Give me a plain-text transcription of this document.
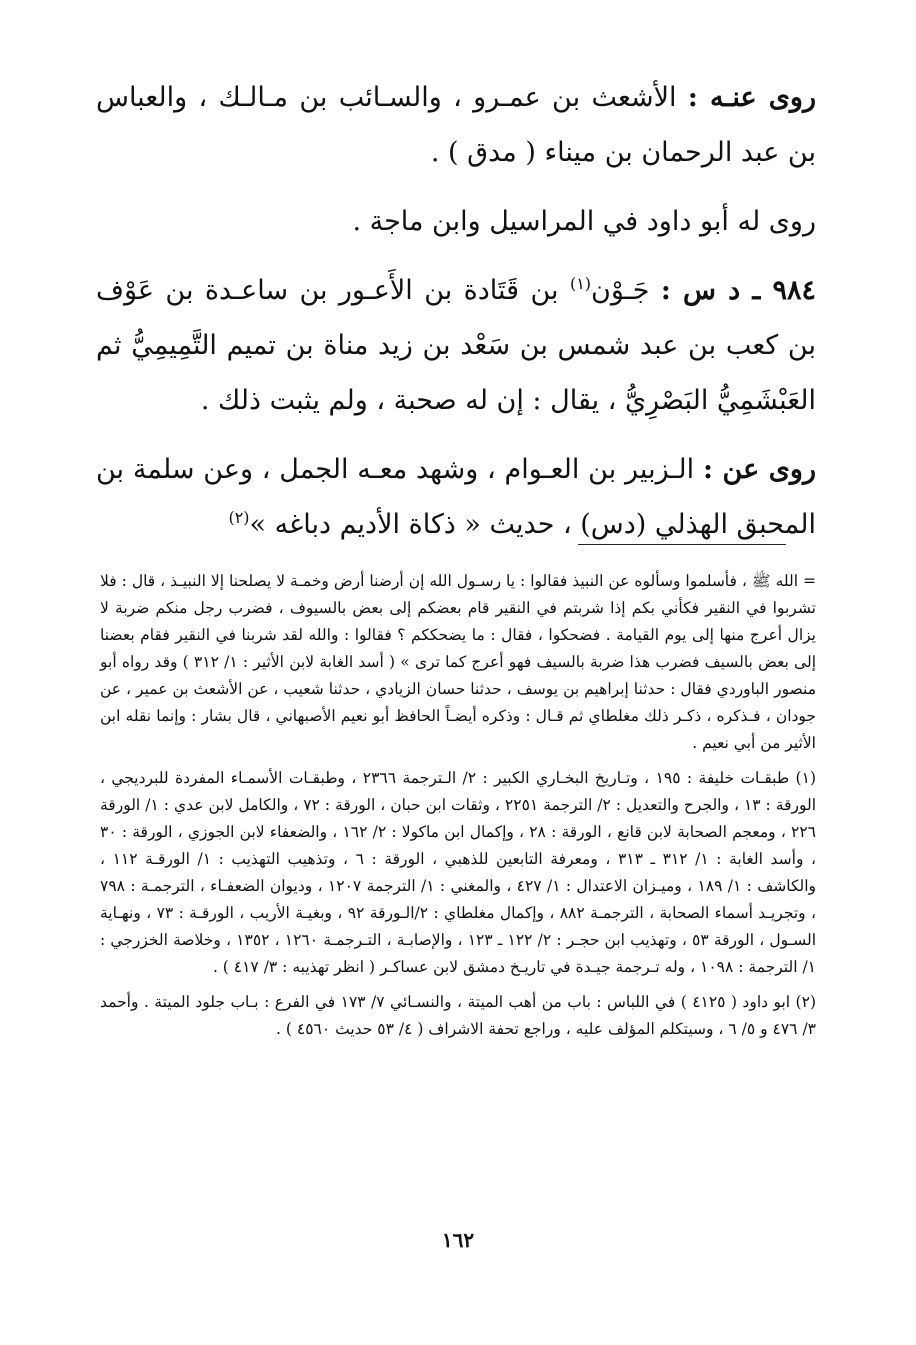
روى عنـه : الأشعث بن عمـرو ، والسـائب بن مـالـك ، والعباس بن عبد الرحمان بن ميناء ( مدق ) .

روى له أبو داود في المراسيل وابن ماجة .

٩٨٤ ـ د س : جَـوْن$^{(١)}$ بن قَتَادة بن الأَعـور بن ساعـدة بن عَوْف بن كعب بن عبد شمس بن سَعْد بن زيد مناة بن تميم التَّمِيمِيُّ ثم العَبْشَمِيُّ البَصْرِيُّ ، يقال : إن له صحبة ، ولم يثبت ذلك .

روى عن : الـزبير بن العـوام ، وشهد معـه الجمل ، وعن سلمة بن المحبق الهذلي (دس) ، حديث « ذكاة الأديم دباغه »$^{(٢)}$

= الله ﷺ ، فأسلموا وسألوه عن النبيذ فقالوا : يا رسـول الله إن أرضنا أرض وخمـة لا يصلحنا إلا النبيـذ ، قال : فلا تشربوا في النقير فكأني بكم إذا شربتم في النقير قام بعضكم إلى بعض بالسيوف ، فضرب رجل منكم ضربة لا يزال أعرج منها إلى يوم القيامة . فضحكوا ، فقال : ما يضحككم ؟ فقالوا : والله لقد شربنا في النقير فقام بعضنا إلى بعض بالسيف فضرب هذا ضربة بالسيف فهو أعرج كما ترى » ( أسد الغابة لابن الأثير : ١/ ٣١٢ ) وقد رواه أبو منصور الباوردي فقال : حدثنا إبراهيم بن يوسف ، حدثنا حسان الزيادي ، حدثنا شعيب ، عن الأشعث بن عمير ، عن جودان ، فـذكره ، ذكـر ذلك مغلطاي ثم قـال : وذكره أيضـاً الحافظ أبو نعيم الأصبهاني ، قال بشار : وإنما نقله ابن الأثير من أبي نعيم .

(١) طبقـات خليفة : ١٩٥ ، وتـاريخ البخـاري الكبير : ٢/ الـترجمة ٢٣٦٦ ، وطبقـات الأسمـاء المفردة للبرديجي ، الورقة : ١٣ ، والجرح والتعديل : ٢/ الترجمة ٢٢٥١ ، وثقات ابن حبان ، الورقة : ٧٢ ، والكامل لابن عدي : ١/ الورقة ٢٢٦ ، ومعجم الصحابة لابن قانع ، الورقة : ٢٨ ، وإكمال ابن ماكولا : ٢/ ١٦٢ ، والضعفاء لابن الجوزي ، الورقة : ٣٠ ، وأسد الغابة : ١/ ٣١٢ ـ ٣١٣ ، ومعرفة التابعين للذهبي ، الورقة : ٦ ، وتذهيب التهذيب : ١/ الورقـة ١١٢ ، والكاشف : ١/ ١٨٩ ، وميـزان الاعتدال : ١/ ٤٢٧ ، والمغني : ١/ الترجمة ١٢٠٧ ، وديوان الضعفـاء ، الترجمـة : ٧٩٨ ، وتجريـد أسماء الصحابة ، الترجمـة ٨٨٢ ، وإكمال مغلطاي : ٢/الـورقة ٩٢ ، وبغيـة الأريب ، الورقـة : ٧٣ ، ونهـاية السـول ، الورقة ٥٣ ، وتهذيب ابن حجـر : ٢/ ١٢٢ ـ ١٢٣ ، والإصابـة ، التـرجمـة ١٢٦٠ ، ١٣٥٢ ، وخلاصة الخزرجي : ١/ الترجمة : ١٠٩٨ ، وله تـرجمة جيـدة في تاريـخ دمشق لابن عساكـر ( انظر تهذيبه : ٣/ ٤١٧ ) .

(٢) ابو داود ( ٤١٢٥ ) في اللباس : باب من أهب الميتة ، والنسـائي ٧/ ١٧٣ في الفرع : بـاب جلود الميتة . وأحمد ٣/ ٤٧٦ و ٥/ ٦ ، وسيتكلم المؤلف عليه ، وراجع تحفة الاشراف ( ٤/ ٥٣ حديث ٤٥٦٠ ) .

١٦٢
